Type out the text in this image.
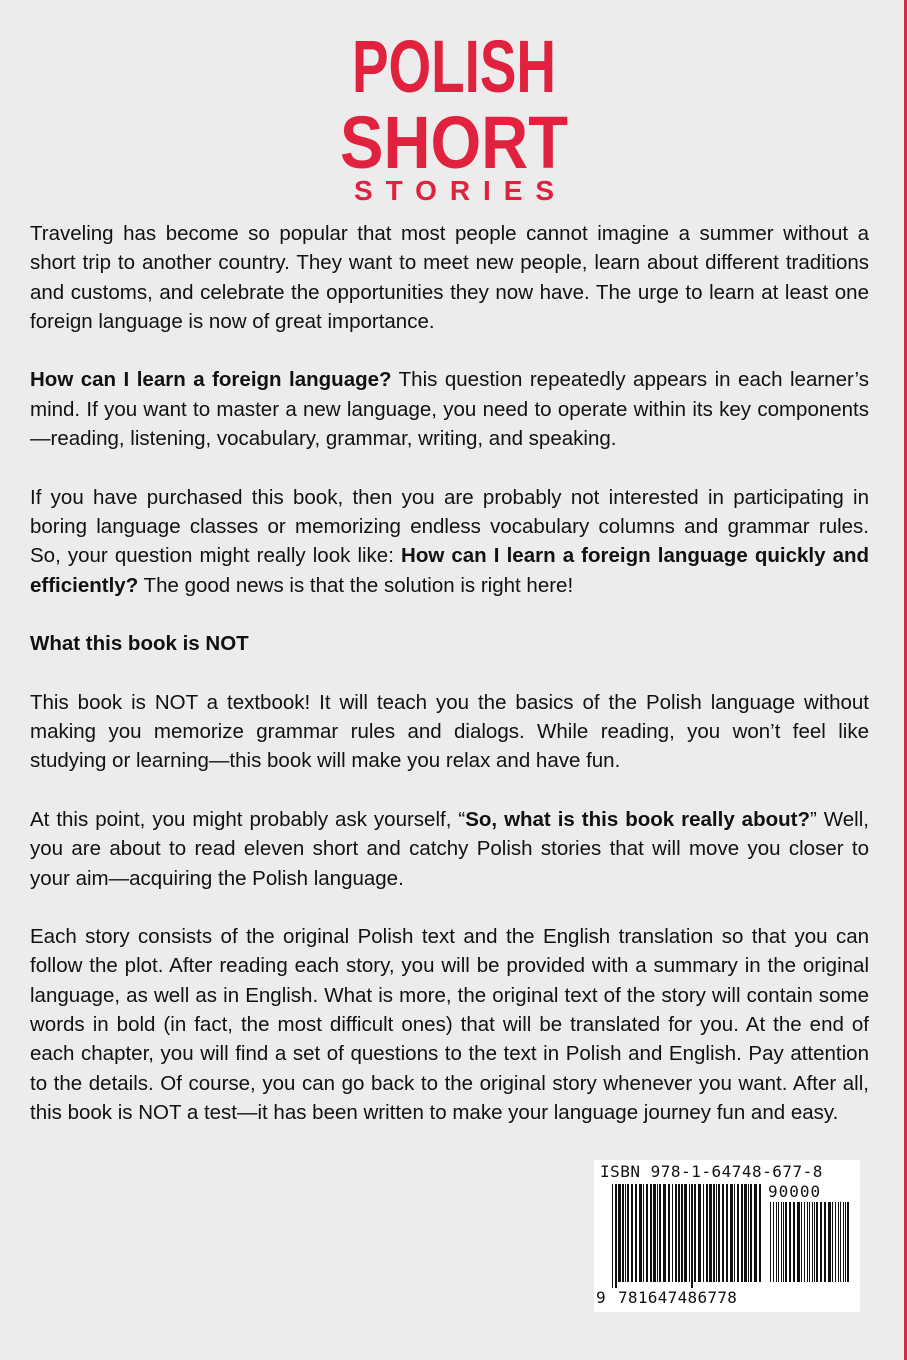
POLISH
SHORT
STORIES

Traveling has become so popular that most people cannot imagine a summer without a short trip to another country. They want to meet new people, learn about different traditions and customs, and celebrate the opportunities they now have. The urge to learn at least one foreign language is now of great importance.

How can I learn a foreign language? This question repeatedly appears in each learner’s mind. If you want to master a new language, you need to operate within its key components—reading, listening, vocabulary, grammar, writing, and speaking.

If you have purchased this book, then you are probably not interested in participating in boring language classes or memorizing endless vocabulary columns and grammar rules. So, your question might really look like: How can I learn a foreign language quickly and efficiently? The good news is that the solution is right here!

What this book is NOT

This book is NOT a textbook! It will teach you the basics of the Polish language without making you memorize grammar rules and dialogs. While reading, you won’t feel like studying or learning—this book will make you relax and have fun.

At this point, you might probably ask yourself, “So, what is this book really about?” Well, you are about to read eleven short and catchy Polish stories that will move you closer to your aim—acquiring the Polish language.

Each story consists of the original Polish text and the English translation so that you can follow the plot. After reading each story, you will be provided with a summary in the original language, as well as in English. What is more, the original text of the story will contain some words in bold (in fact, the most difficult ones) that will be translated for you. At the end of each chapter, you will find a set of questions to the text in Polish and English. Pay attention to the details. Of course, you can go back to the original story whenever you want. After all, this book is NOT a test—it has been written to make your language journey fun and easy.

ISBN 978-1-64748-677-8
90000
9 781647486778
